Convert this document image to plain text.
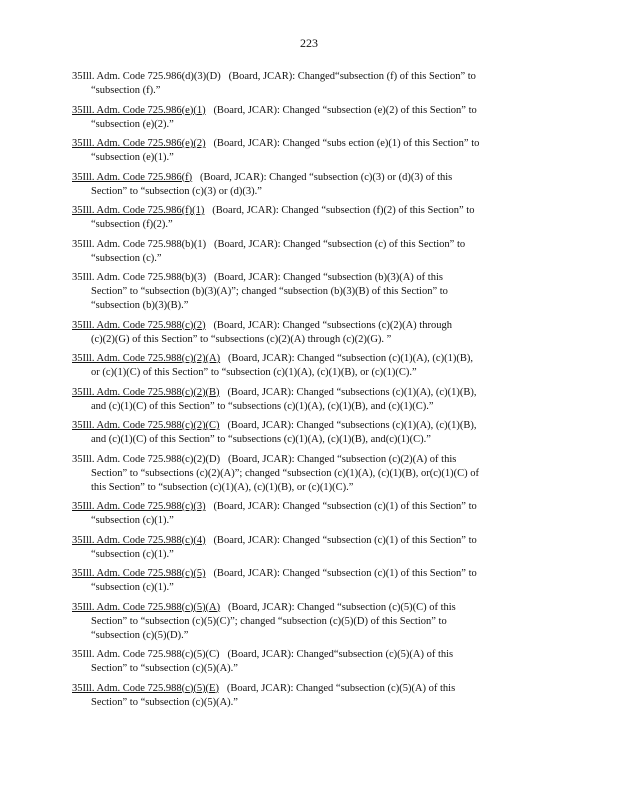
223
35Ill. Adm. Code 725.986(d)(3)(D) (Board, JCAR): Changed“subsection (f) of this Section” to
“subsection (f).”
35Ill. Adm. Code 725.986(e)(1) (Board, JCAR): Changed “subsection (e)(2) of this Section” to
“subsection (e)(2).”
35Ill. Adm. Code 725.986(e)(2) (Board, JCAR): Changed “subs ection (e)(1) of this Section” to
“subsection (e)(1).”
35Ill. Adm. Code 725.986(f) (Board, JCAR): Changed “subsection (c)(3) or (d)(3) of this
Section” to “subsection (c)(3) or (d)(3).”
35Ill. Adm. Code 725.986(f)(1) (Board, JCAR): Changed “subsection (f)(2) of this Section” to
“subsection (f)(2).”
35Ill. Adm. Code 725.988(b)(1) (Board, JCAR): Changed “subsection (c) of this Section” to
“subsection (c).”
35Ill. Adm. Code 725.988(b)(3) (Board, JCAR): Changed “subsection (b)(3)(A) of this
Section” to “subsection (b)(3)(A)”; changed “subsection (b)(3)(B) of this Section” to
“subsection (b)(3)(B).”
35Ill. Adm. Code 725.988(c)(2) (Board, JCAR): Changed “subsections (c)(2)(A) through
(c)(2)(G) of this Section” to “subsections (c)(2)(A) through (c)(2)(G). ”
35Ill. Adm. Code 725.988(c)(2)(A) (Board, JCAR): Changed “subsection (c)(1)(A), (c)(1)(B),
or (c)(1)(C) of this Section” to “subsection (c)(1)(A), (c)(1)(B), or (c)(1)(C).”
35Ill. Adm. Code 725.988(c)(2)(B) (Board, JCAR): Changed “subsections (c)(1)(A), (c)(1)(B),
and (c)(1)(C) of this Section” to “subsections (c)(1)(A), (c)(1)(B), and (c)(1)(C).”
35Ill. Adm. Code 725.988(c)(2)(C) (Board, JCAR): Changed “subsections (c)(1)(A), (c)(1)(B),
and (c)(1)(C) of this Section” to “subsections (c)(1)(A), (c)(1)(B), and(c)(1)(C).”
35Ill. Adm. Code 725.988(c)(2)(D) (Board, JCAR): Changed “subsection (c)(2)(A) of this
Section” to “subsections (c)(2)(A)”; changed “subsection (c)(1)(A), (c)(1)(B), or(c)(1)(C) of
this Section” to “subsection (c)(1)(A), (c)(1)(B), or (c)(1)(C).”
35Ill. Adm. Code 725.988(c)(3) (Board, JCAR): Changed “subsection (c)(1) of this Section” to
“subsection (c)(1).”
35Ill. Adm. Code 725.988(c)(4) (Board, JCAR): Changed “subsection (c)(1) of this Section” to
“subsection (c)(1).”
35Ill. Adm. Code 725.988(c)(5) (Board, JCAR): Changed “subsection (c)(1) of this Section” to
“subsection (c)(1).”
35Ill. Adm. Code 725.988(c)(5)(A) (Board, JCAR): Changed “subsection (c)(5)(C) of this
Section” to “subsection (c)(5)(C)”; changed “subsection (c)(5)(D) of this Section” to
“subsection (c)(5)(D).”
35Ill. Adm. Code 725.988(c)(5)(C) (Board, JCAR): Changed“subsection (c)(5)(A) of this
Section” to “subsection (c)(5)(A).”
35Ill. Adm. Code 725.988(c)(5)(E) (Board, JCAR): Changed “subsection (c)(5)(A) of this
Section” to “subsection (c)(5)(A).”
